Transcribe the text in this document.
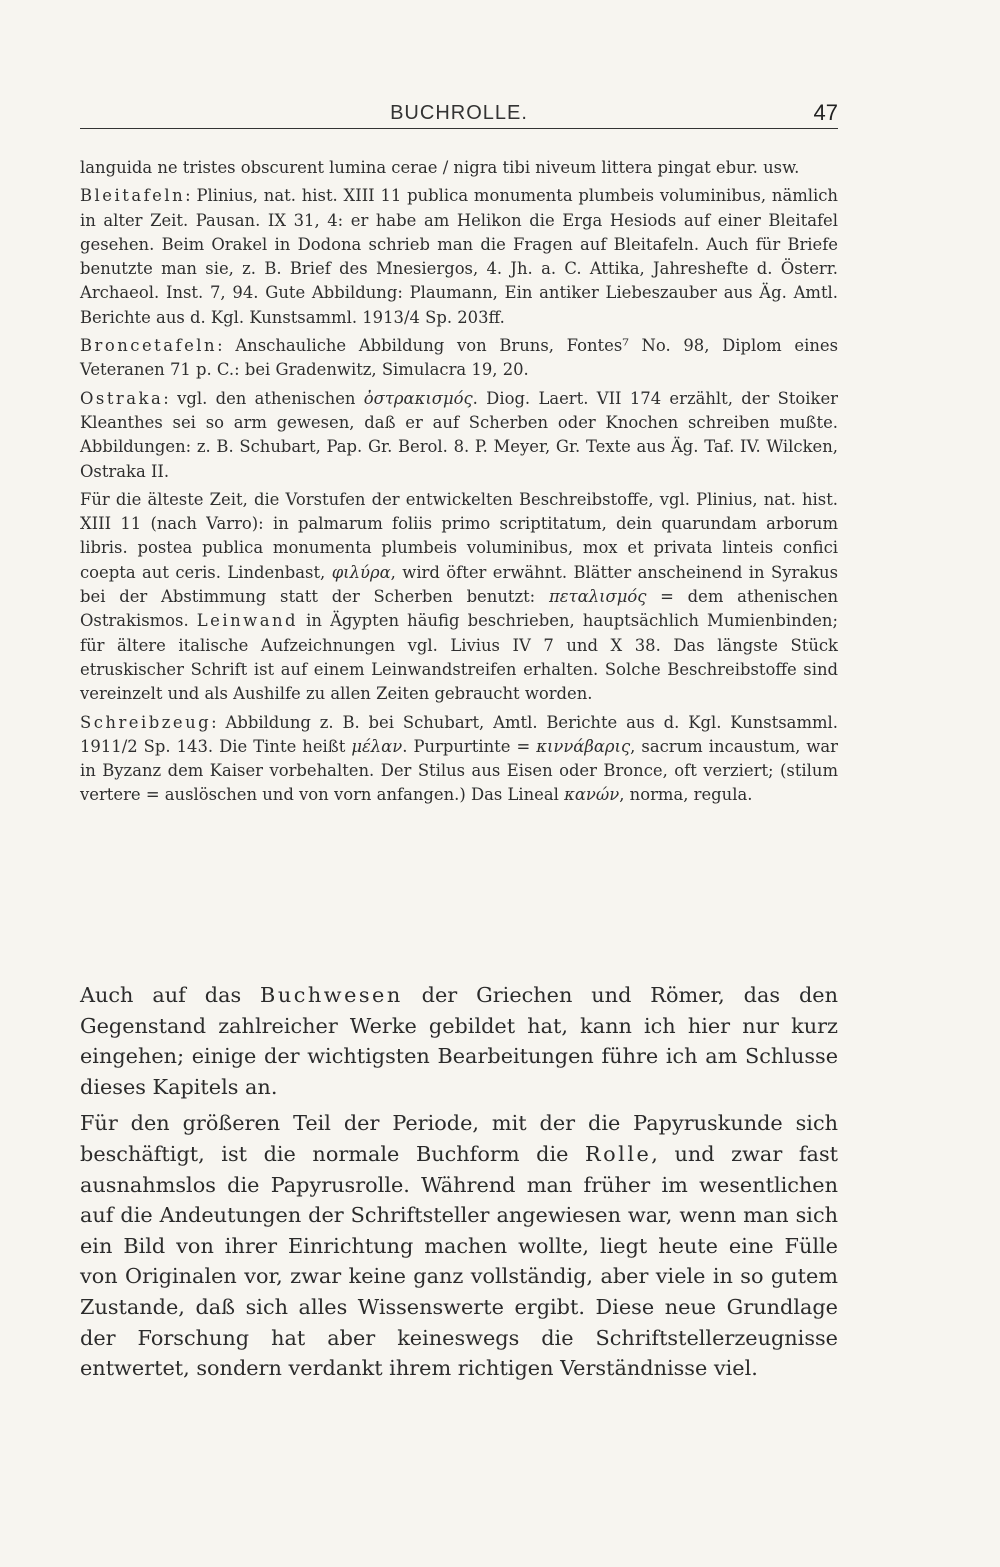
BUCHROLLE.	47

languida ne tristes obscurent lumina cerae / nigra tibi niveum littera pingat ebur. usw.

Bleitafeln: Plinius, nat. hist. XIII 11 publica monumenta plumbeis voluminibus, nämlich in alter Zeit. Pausan. IX 31, 4: er habe am Helikon die Erga Hesiods auf einer Bleitafel gesehen. Beim Orakel in Dodona schrieb man die Fragen auf Bleitafeln. Auch für Briefe benutzte man sie, z. B. Brief des Mnesiergos, 4. Jh. a. C. Attika, Jahreshefte d. Österr. Archaeol. Inst. 7, 94. Gute Abbildung: Plaumann, Ein antiker Liebeszauber aus Äg. Amtl. Berichte aus d. Kgl. Kunstsamml. 1913/4 Sp. 203ff.

Broncetafeln: Anschauliche Abbildung von Bruns, Fontes⁷ No. 98, Diplom eines Veteranen 71 p. C.: bei Gradenwitz, Simulacra 19, 20.

Ostraka: vgl. den athenischen ὀστρακισμός. Diog. Laert. VII 174 erzählt, der Stoiker Kleanthes sei so arm gewesen, daß er auf Scherben oder Knochen schreiben mußte. Abbildungen: z. B. Schubart, Pap. Gr. Berol. 8. P. Meyer, Gr. Texte aus Äg. Taf. IV. Wilcken, Ostraka II.

Für die älteste Zeit, die Vorstufen der entwickelten Beschreibstoffe, vgl. Plinius, nat. hist. XIII 11 (nach Varro): in palmarum foliis primo scriptitatum, dein quarundam arborum libris. postea publica monumenta plumbeis voluminibus, mox et privata linteis confici coepta aut ceris. Lindenbast, φιλύρα, wird öfter erwähnt. Blätter anscheinend in Syrakus bei der Abstimmung statt der Scherben benutzt: πεταλισμός = dem athenischen Ostrakismos. Leinwand in Ägypten häufig beschrieben, hauptsächlich Mumienbinden; für ältere italische Aufzeichnungen vgl. Livius IV 7 und X 38. Das längste Stück etruskischer Schrift ist auf einem Leinwandstreifen erhalten. Solche Beschreibstoffe sind vereinzelt und als Aushilfe zu allen Zeiten gebraucht worden.

Schreibzeug: Abbildung z. B. bei Schubart, Amtl. Berichte aus d. Kgl. Kunstsamml. 1911/2 Sp. 143. Die Tinte heißt μέλαν. Purpurtinte = κιννάβαρις, sacrum incaustum, war in Byzanz dem Kaiser vorbehalten. Der Stilus aus Eisen oder Bronce, oft verziert; (stilum vertere = auslöschen und von vorn anfangen.) Das Lineal κανών, norma, regula.

Auch auf das Buchwesen der Griechen und Römer, das den Gegenstand zahlreicher Werke gebildet hat, kann ich hier nur kurz eingehen; einige der wichtigsten Bearbeitungen führe ich am Schlusse dieses Kapitels an.

Für den größeren Teil der Periode, mit der die Papyruskunde sich beschäftigt, ist die normale Buchform die Rolle, und zwar fast ausnahmslos die Papyrusrolle. Während man früher im wesentlichen auf die Andeutungen der Schriftsteller angewiesen war, wenn man sich ein Bild von ihrer Einrichtung machen wollte, liegt heute eine Fülle von Originalen vor, zwar keine ganz vollständig, aber viele in so gutem Zustande, daß sich alles Wissenswerte ergibt. Diese neue Grundlage der Forschung hat aber keineswegs die Schriftstellerzeugnisse entwertet, sondern verdankt ihrem richtigen Verständnisse viel.
